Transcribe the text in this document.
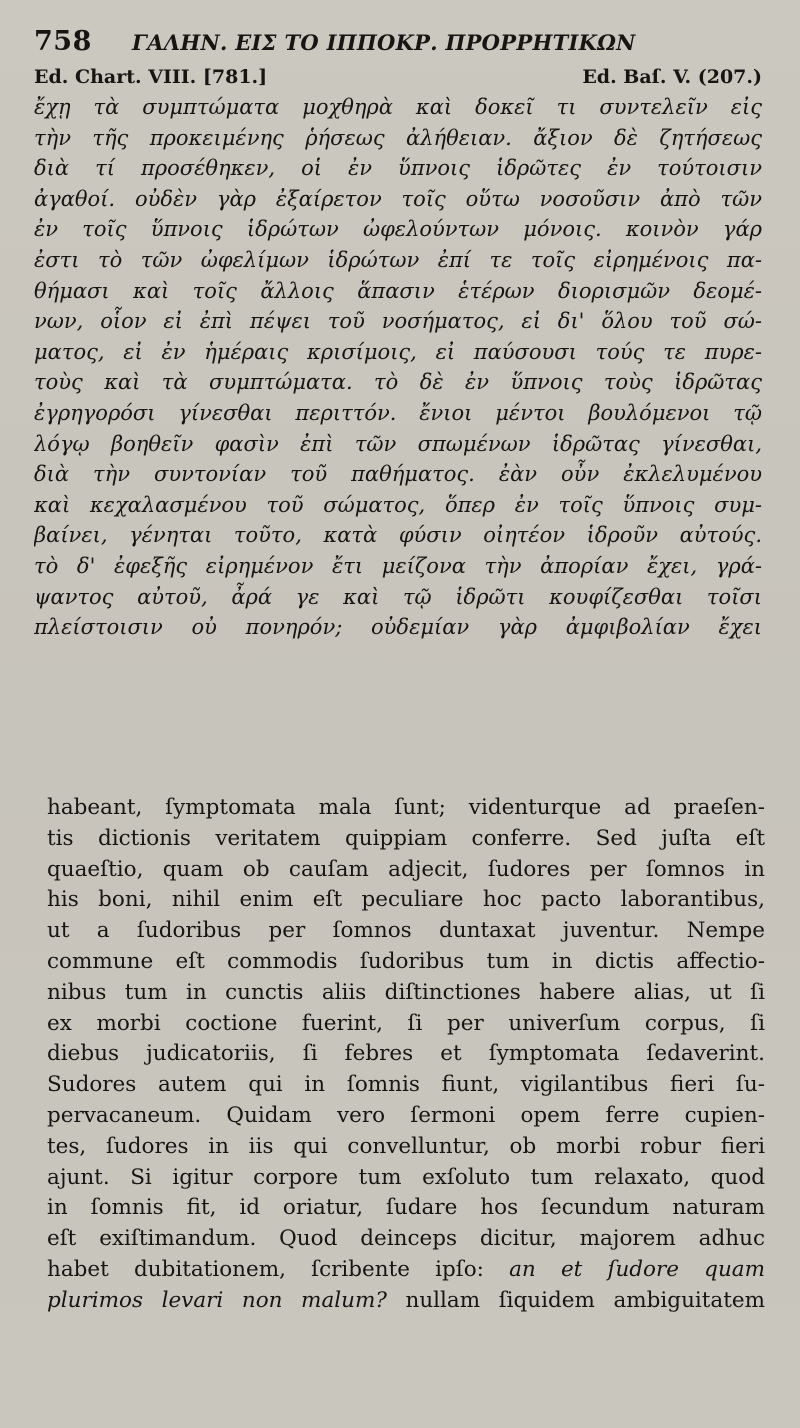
758 ΓΑΛΗΝ. ΕΙΣ ΤΟ ΙΠΠΟΚΡ. ΠΡΟΡΡΗΤΙΚΩΝ
Ed. Chart. VIII. [781.]	Ed. Baſ. V. (207.)
ἔχῃ τὰ συμπτώματα μοχθηρὰ καὶ δοκεῖ τι συντελεῖν εἰς
τὴν τῆς προκειμένης ῥήσεως ἀλήθειαν. ἄξιον δὲ ζητήσεως
διὰ τί προσέθηκεν, οἱ ἐν ὕπνοις ἱδρῶτες ἐν τούτοισιν
ἀγαθοί. οὐδὲν γὰρ ἐξαίρετον τοῖς οὕτω νοσοῦσιν ἀπὸ τῶν
ἐν τοῖς ὕπνοις ἱδρώτων ὠφελούντων μόνοις. κοινὸν γάρ
ἐστι τὸ τῶν ὠφελίμων ἱδρώτων ἐπί τε τοῖς εἰρημένοις πα-
θήμασι καὶ τοῖς ἄλλοις ἅπασιν ἑτέρων διορισμῶν δεομέ-
νων, οἷον εἰ ἐπὶ πέψει τοῦ νοσήματος, εἰ δι' ὅλου τοῦ σώ-
ματος, εἰ ἐν ἡμέραις κρισίμοις, εἰ παύσουσι τούς τε πυρε-
τοὺς καὶ τὰ συμπτώματα. τὸ δὲ ἐν ὕπνοις τοὺς ἱδρῶτας
ἐγρηγορόσι γίνεσθαι περιττόν. ἔνιοι μέντοι βουλόμενοι τῷ
λόγῳ βοηθεῖν φασὶν ἐπὶ τῶν σπωμένων ἱδρῶτας γίνεσθαι,
διὰ τὴν συντονίαν τοῦ παθήματος. ἐὰν οὖν ἐκλελυμένου
καὶ κεχαλασμένου τοῦ σώματος, ὅπερ ἐν τοῖς ὕπνοις συμ-
βαίνει, γένηται τοῦτο, κατὰ φύσιν οἰητέον ἱδροῦν αὐτούς.
τὸ δ' ἐφεξῆς εἰρημένον ἔτι μείζονα τὴν ἀπορίαν ἔχει, γρά-
ψαντος αὐτοῦ, ἆρά γε καὶ τῷ ἱδρῶτι κουφίζεσθαι τοῖσι
πλείστοισιν οὐ πονηρόν; οὐδεμίαν γὰρ ἀμφιβολίαν ἔχει
habeant, ſymptomata mala ſunt; videnturque ad praeſen-
tis dictionis veritatem quippiam conferre. Sed juſta eſt
quaeſtio, quam ob cauſam adjecit, ſudores per ſomnos in
his boni, nihil enim eſt peculiare hoc pacto laborantibus,
ut a ſudoribus per ſomnos duntaxat juventur. Nempe
commune eſt commodis ſudoribus tum in dictis affectio-
nibus tum in cunctis aliis diſtinctiones habere alias, ut ſi
ex morbi coctione fuerint, ſi per univerſum corpus, ſi
diebus judicatoriis, ſi febres et ſymptomata ſedaverint.
Sudores autem qui in ſomnis fiunt, vigilantibus fieri ſu-
pervacaneum. Quidam vero ſermoni opem ferre cupien-
tes, ſudores in iis qui convelluntur, ob morbi robur fieri
ajunt. Si igitur corpore tum exſoluto tum relaxato, quod
in ſomnis fit, id oriatur, ſudare hos ſecundum naturam
eſt exiſtimandum. Quod deinceps dicitur, majorem adhuc
habet dubitationem, ſcribente ipſo: an et ſudore quam
plurimos levari non malum? nullam ſiquidem ambiguitatem
